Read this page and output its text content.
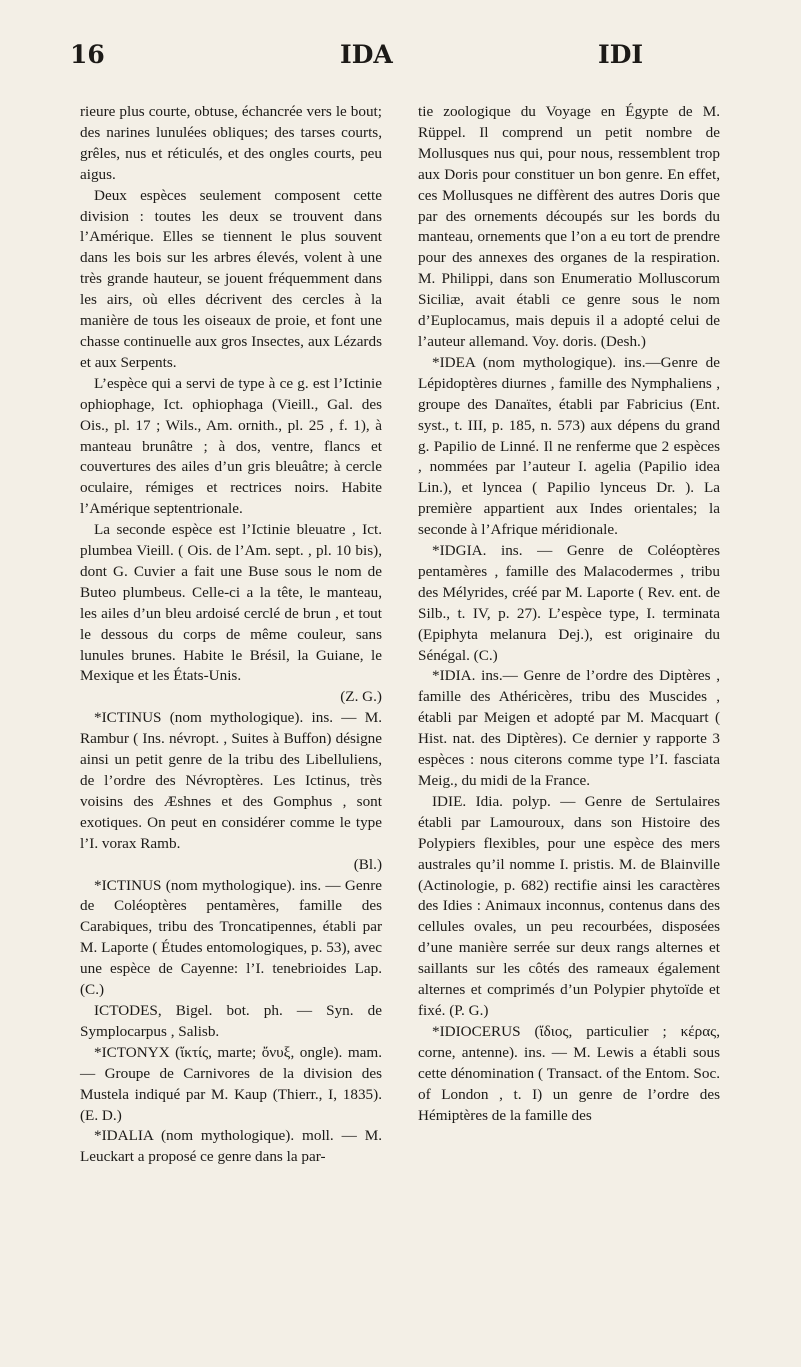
16	IDA	IDI

rieure plus courte, obtuse, échancrée vers le bout; des narines lunulées obliques; des tarses courts, grêles, nus et réticulés, et des ongles courts, peu aigus.

Deux espèces seulement composent cette division : toutes les deux se trouvent dans l’Amérique. Elles se tiennent le plus souvent dans les bois sur les arbres élevés, volent à une très grande hauteur, se jouent fréquemment dans les airs, où elles décrivent des cercles à la manière de tous les oiseaux de proie, et font une chasse continuelle aux gros Insectes, aux Lézards et aux Serpents.

L’espèce qui a servi de type à ce g. est l’Ictinie ophiophage, Ict. ophiophaga (Vieill., Gal. des Ois., pl. 17 ; Wils., Am. ornith., pl. 25 , f. 1), à manteau brunâtre ; à dos, ventre, flancs et couvertures des ailes d’un gris bleuâtre; à cercle oculaire, rémiges et rectrices noirs. Habite l’Amérique septentrionale.

La seconde espèce est l’Ictinie bleuatre , Ict. plumbea Vieill. ( Ois. de l’Am. sept. , pl. 10 bis), dont G. Cuvier a fait une Buse sous le nom de Buteo plumbeus. Celle-ci a la tête, le manteau, les ailes d’un bleu ardoisé cerclé de brun , et tout le dessous du corps de même couleur, sans lunules brunes. Habite le Brésil, la Guiane, le Mexique et les États-Unis.

(Z. G.)

*ICTINUS (nom mythologique). ins. — M. Rambur ( Ins. névropt. , Suites à Buffon) désigne ainsi un petit genre de la tribu des Libelluliens, de l’ordre des Névroptères. Les Ictinus, très voisins des Æshnes et des Gomphus , sont exotiques. On peut en considérer comme le type l’I. vorax Ramb.

(Bl.)

*ICTINUS (nom mythologique). ins. — Genre de Coléoptères pentamères, famille des Carabiques, tribu des Troncatipennes, établi par M. Laporte ( Études entomologiques, p. 53), avec une espèce de Cayenne: l’I. tenebrioides Lap. (C.)

ICTODES, Bigel. bot. ph. — Syn. de Symplocarpus , Salisb.

*ICTONYX (ἴκτίς, marte; ὄνυξ, ongle). mam. — Groupe de Carnivores de la division des Mustela indiqué par M. Kaup (Thierr., I, 1835). (E. D.)

*IDALIA (nom mythologique). moll. — M. Leuckart a proposé ce genre dans la par-

tie zoologique du Voyage en Égypte de M. Rüppel. Il comprend un petit nombre de Mollusques nus qui, pour nous, ressemblent trop aux Doris pour constituer un bon genre. En effet, ces Mollusques ne diffèrent des autres Doris que par des ornements découpés sur les bords du manteau, ornements que l’on a eu tort de prendre pour des annexes des organes de la respiration. M. Philippi, dans son Enumeratio Molluscorum Siciliæ, avait établi ce genre sous le nom d’Euplocamus, mais depuis il a adopté celui de l’auteur allemand. Voy. doris. (Desh.)

*IDEA (nom mythologique). ins.—Genre de Lépidoptères diurnes , famille des Nymphaliens , groupe des Danaïtes, établi par Fabricius (Ent. syst., t. III, p. 185, n. 573) aux dépens du grand g. Papilio de Linné. Il ne renferme que 2 espèces , nommées par l’auteur I. agelia (Papilio idea Lin.), et lyncea ( Papilio lynceus Dr. ). La première appartient aux Indes orientales; la seconde à l’Afrique méridionale.

*IDGIA. ins. — Genre de Coléoptères pentamères , famille des Malacodermes , tribu des Mélyrides, créé par M. Laporte ( Rev. ent. de Silb., t. IV, p. 27). L’espèce type, I. terminata (Epiphyta melanura Dej.), est originaire du Sénégal. (C.)

*IDIA. ins.— Genre de l’ordre des Diptères , famille des Athéricères, tribu des Muscides , établi par Meigen et adopté par M. Macquart ( Hist. nat. des Diptères). Ce dernier y rapporte 3 espèces : nous citerons comme type l’I. fasciata Meig., du midi de la France.

IDIE. Idia. polyp. — Genre de Sertulaires établi par Lamouroux, dans son Histoire des Polypiers flexibles, pour une espèce des mers australes qu’il nomme I. pristis. M. de Blainville (Actinologie, p. 682) rectifie ainsi les caractères des Idies : Animaux inconnus, contenus dans des cellules ovales, un peu recourbées, disposées d’une manière serrée sur deux rangs alternes et saillants sur les côtés des rameaux également alternes et comprimés d’un Polypier phytoïde et fixé. (P. G.)

*IDIOCERUS (ἴδιος, particulier ; κέρας, corne, antenne). ins. — M. Lewis a établi sous cette dénomination ( Transact. of the Entom. Soc. of London , t. I) un genre de l’ordre des Hémiptères de la famille des
